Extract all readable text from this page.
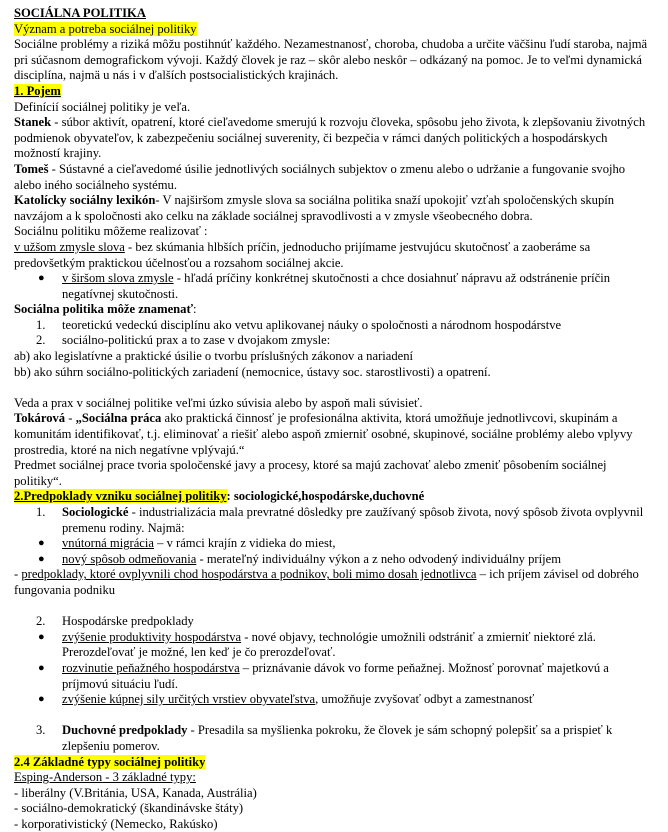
SOCIÁLNA POLITIKA

Význam a potreba sociálnej politiky

Sociálne problémy a riziká môžu postihnúť každého. Nezamestnanosť, choroba, chudoba a určite väčšinu ľudí staroba, najmä pri súčasnom demografickom vývoji. Každý človek je raz – skôr alebo neskôr – odkázaný na pomoc. Je to veľmi dynamická disciplína, najmä u nás i v ďalších postsocialistických krajinách.

1. Pojem

Definícií sociálnej politiky je veľa.

Stanek - súbor aktivít, opatrení, ktoré cieľavedome smerujú k rozvoju človeka, spôsobu jeho života, k zlepšovaniu životných podmienok obyvateľov, k zabezpečeniu sociálnej suverenity, či bezpečia v rámci daných politických a hospodárskych možností krajiny.

Tomeš - Sústavné a cieľavedomé úsilie jednotlivých sociálnych subjektov o zmenu alebo o udržanie a fungovanie svojho alebo iného sociálneho systému.

Katolícky sociálny lexikón- V najširšom zmysle slova sa sociálna politika snaží upokojiť vzťah spoločenských skupín navzájom a k spoločnosti ako celku na základe sociálnej spravodlivosti a v zmysle všeobecného dobra.

Sociálnu politiku môžeme realizovať :

v užšom zmysle slova - bez skúmania hlbších príčin, jednoducho prijímame jestvujúcu skutočnosť a zaoberáme sa predovšetkým praktickou účelnosťou a rozsahom sociálnej akcie.

● v širšom slova zmysle - hľadá príčiny konkrétnej skutočnosti a chce dosiahnuť nápravu až odstránenie príčin negatívnej skutočnosti.

Sociálna politika môže znamenať:

1. teoretickú vedeckú disciplínu ako vetvu aplikovanej náuky o spoločnosti a národnom hospodárstve
2. sociálno-politickú prax a to zase v dvojakom zmysle:

ab) ako legislatívne a praktické úsilie o tvorbu príslušných zákonov a nariadení

bb) ako súhrn sociálno-politických zariadení (nemocnice, ústavy soc. starostlivosti) a opatrení.

Veda a prax v sociálnej politike veľmi úzko súvisia alebo by aspoň mali súvisieť.

Tokárová - „Sociálna práca ako praktická činnosť je profesionálna aktivita, ktorá umožňuje jednotlivcovi, skupinám a komunitám identifikovať, t.j. eliminovať a riešiť alebo aspoň zmierniť osobné, skupinové, sociálne problémy alebo vplyvy prostredia, ktoré na nich negatívne vplývajú.“

Predmet sociálnej prace tvoria spoločenské javy a procesy, ktoré sa majú zachovať alebo zmeniť pôsobením sociálnej politiky“.

2.Predpoklady vzniku sociálnej politiky: sociologické,hospodárske,duchovné

1. Sociologické - industrializácia mala prevratné dôsledky pre zaužívaný spôsob života, nový spôsob života ovplyvnil premenu rodiny. Najmä:
● vnútorná migrácia – v rámci krajín z vidieka do miest,
● nový spôsob odmeňovania - merateľný individuálny výkon a z neho odvodený individuálny príjem

- predpoklady, ktoré ovplyvnili chod hospodárstva a podnikov, boli mimo dosah jednotlivca – ich príjem závisel od dobrého fungovania podniku

2. Hospodárske predpoklady
● zvýšenie produktivity hospodárstva - nové objavy, technológie umožnili odstrániť a zmierniť niektoré zlá. Prerozdeľovať je možné, len keď je čo prerozdeľovať.
● rozvinutie peňažného hospodárstva – priznávanie dávok vo forme peňažnej. Možnosť porovnať majetkovú a príjmovú situáciu ľudí.
● zvýšenie kúpnej sily určitých vrstiev obyvateľstva, umožňuje zvyšovať odbyt a zamestnanosť
3. Duchovné predpoklady - Presadila sa myšlienka pokroku, že človek je sám schopný polepšiť sa a prispieť k zlepšeniu pomerov.

2.4 Základné typy sociálnej politiky

Esping-Anderson - 3 základné typy:

- liberálny (V.Británia, USA, Kanada, Austrália)

- sociálno-demokratický (škandinávske štáty)

- korporativistický (Nemecko, Rakúsko)
